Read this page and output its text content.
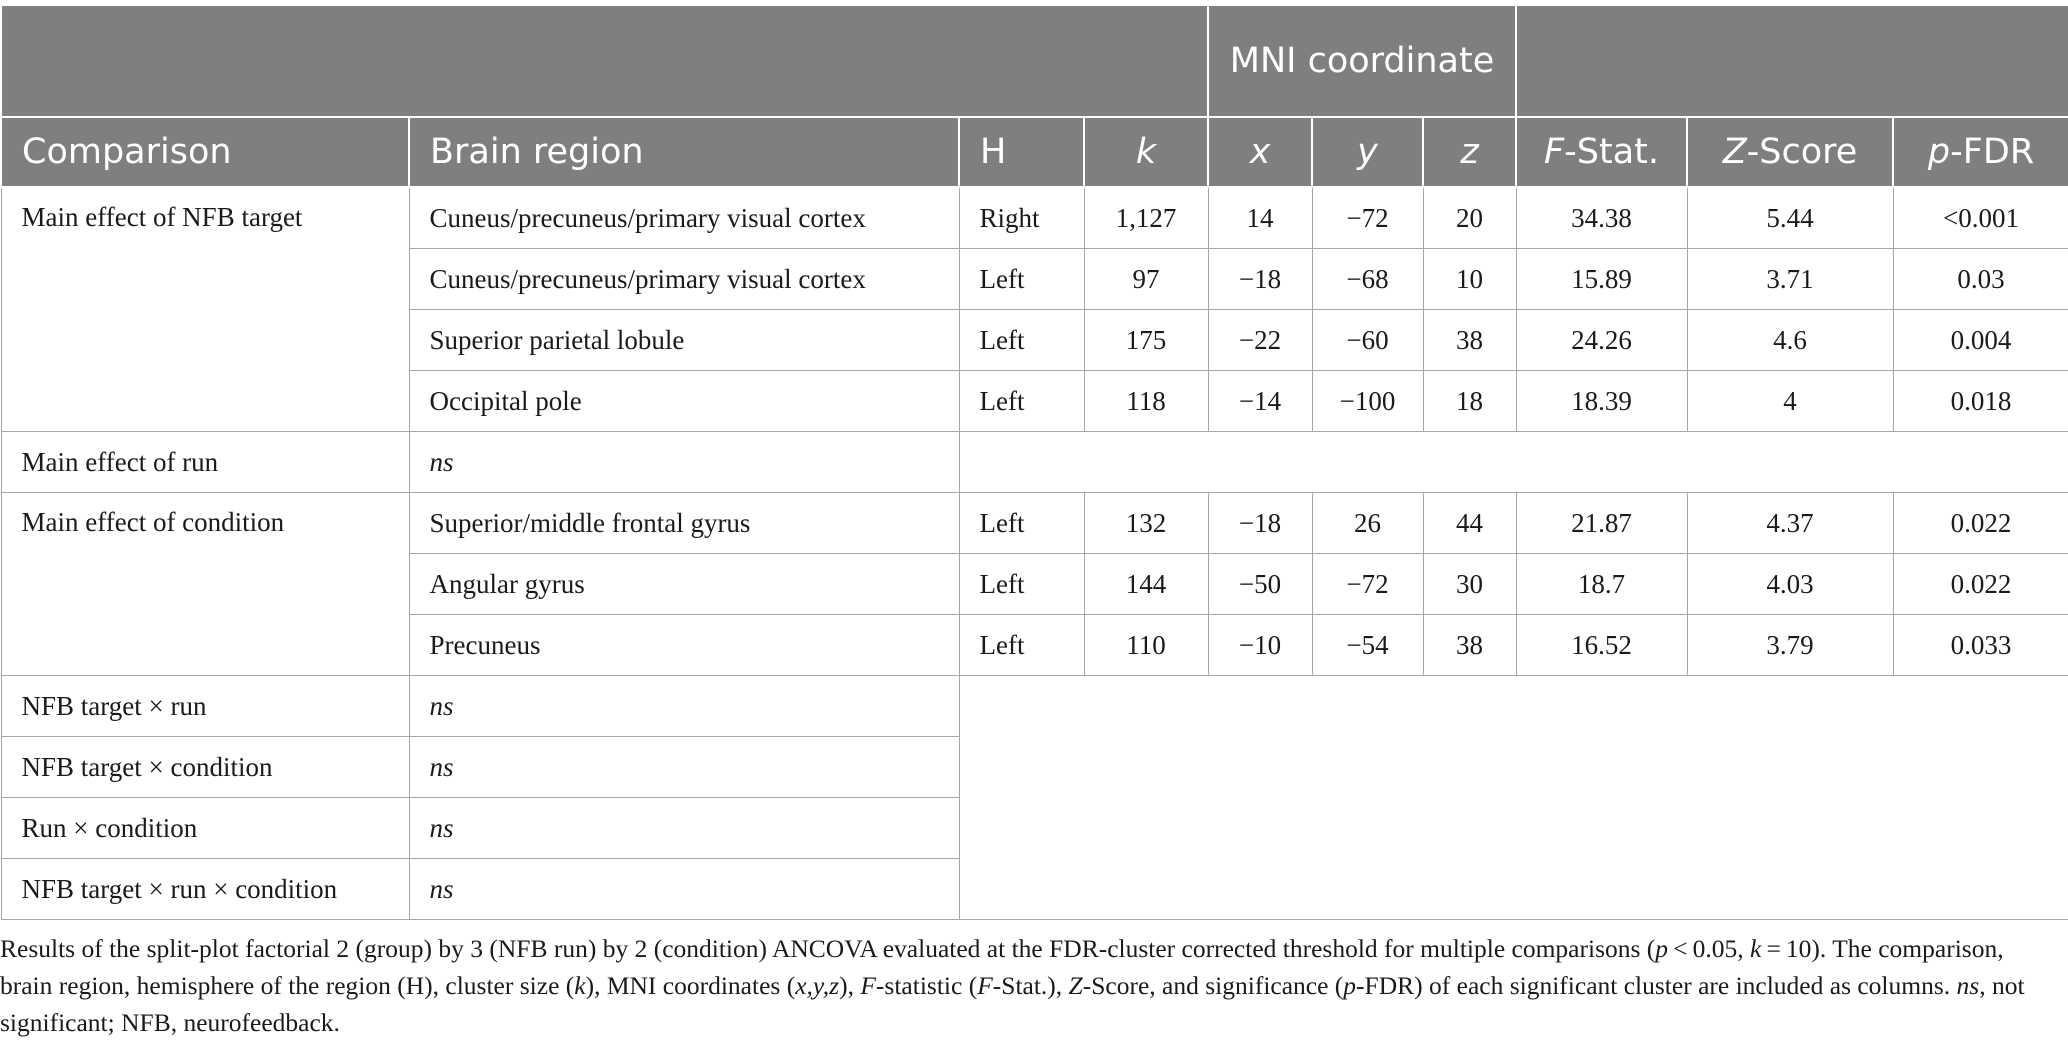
				MNI coordinate					

Comparison	Brain region	H	k	x	y	z	F-Stat.	Z-Score	p-FDR
Main effect of NFB target	Cuneus/precuneus/primary visual cortex	Right	1,127	14	−72	20	34.38	5.44	<0.001
	Cuneus/precuneus/primary visual cortex	Left	97	−18	−68	10	15.89	3.71	0.03
	Superior parietal lobule	Left	175	−22	−60	38	24.26	4.6	0.004
	Occipital pole	Left	118	−14	−100	18	18.39	4	0.018
Main effect of run	ns								
Main effect of condition	Superior/middle frontal gyrus	Left	132	−18	26	44	21.87	4.37	0.022
	Angular gyrus	Left	144	−50	−72	30	18.7	4.03	0.022
	Precuneus	Left	110	−10	−54	38	16.52	3.79	0.033
NFB target × run	ns								
NFB target × condition	ns								
Run × condition	ns								
NFB target × run × condition	ns								
Results of the split-plot factorial 2 (group) by 3 (NFB run) by 2 (condition) ANCOVA evaluated at the FDR-cluster corrected threshold for multiple comparisons (p < 0.05, k = 10). The comparison, brain region, hemisphere of the region (H), cluster size (k), MNI coordinates (x,y,z), F-statistic (F-Stat.), Z-Score, and significance (p-FDR) of each significant cluster are included as columns. ns, not significant; NFB, neurofeedback.
